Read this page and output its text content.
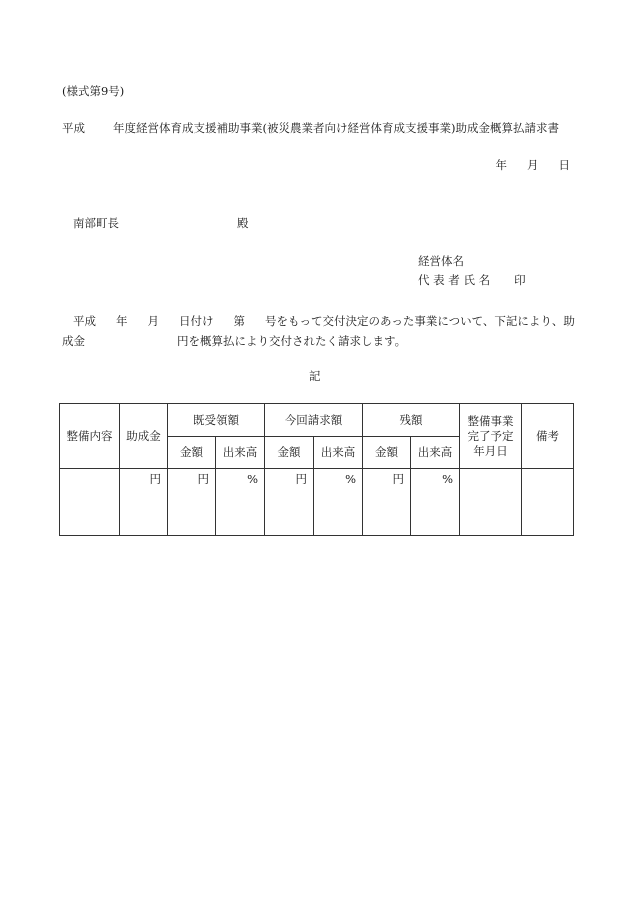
(様式第9号)
平成 年度経営体育成支援補助事業(被災農業者向け経営体育成支援事業)助成金概算払請求書
年 月 日
南部町長	殿
経営体名
代 表 者 氏 名 印
平成 年 月 日付け 第 号をもって交付決定のあった事業について、下記により、助成金	円を概算払により交付されたく請求します。
記
整備内容	助成金	既受領額		今回請求額		残額		整備事業
完了予定
年月日	備考
		金額	出来高	金額	出来高	金額	出来高		
	円	円	%	円	%	円	%		
